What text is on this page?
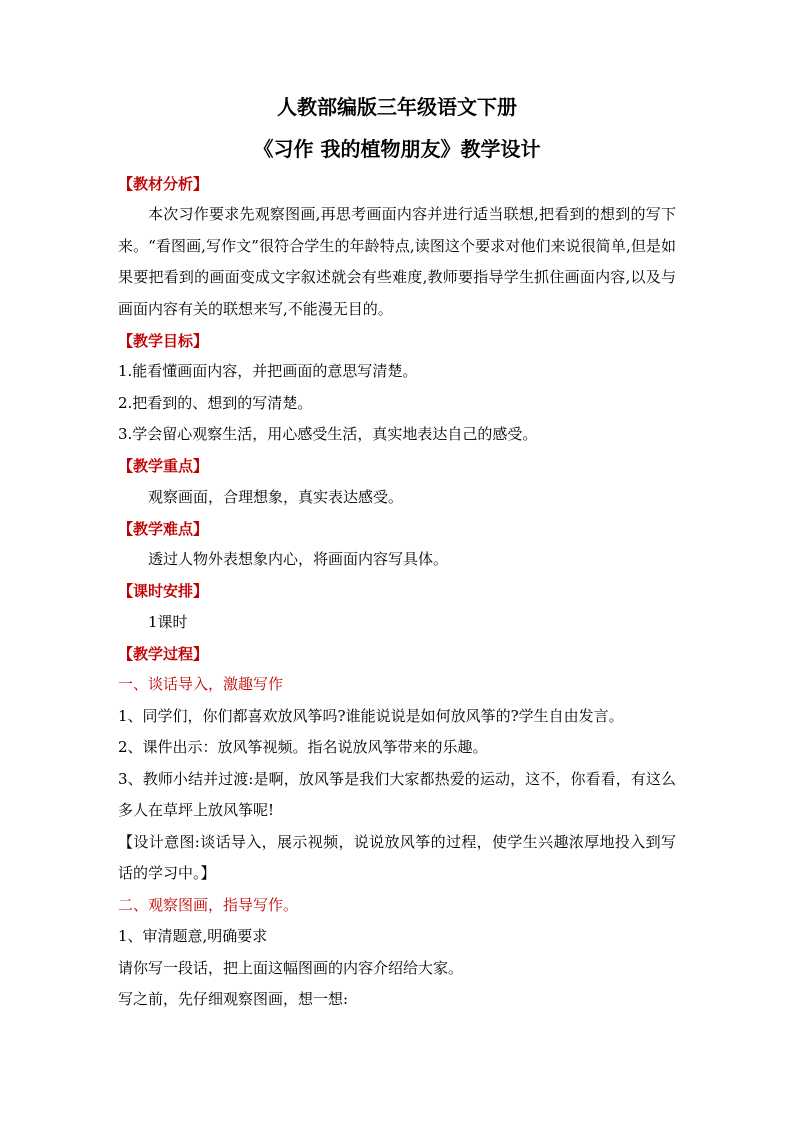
人教部编版三年级语文下册
《习作 我的植物朋友》教学设计
【教材分析】

本次习作要求先观察图画,再思考画面内容并进行适当联想,把看到的想到的写下来。“看图画,写作文”很符合学生的年龄特点,读图这个要求对他们来说很简单,但是如果要把看到的画面变成文字叙述就会有些难度,教师要指导学生抓住画面内容,以及与画面内容有关的联想来写,不能漫无目的。

【教学目标】
1.能看懂画面内容，并把画面的意思写清楚。
2.把看到的、想到的写清楚。
3.学会留心观察生活，用心感受生活，真实地表达自己的感受。
【教学重点】
观察画面，合理想象，真实表达感受。
【教学难点】
透过人物外表想象内心，将画面内容写具体。
【课时安排】
1课时
【教学过程】
一、谈话导入，激趣写作
1、同学们，你们都喜欢放风筝吗?谁能说说是如何放风筝的?学生自由发言。
2、课件出示：放风筝视频。指名说放风筝带来的乐趣。

3、教师小结并过渡:是啊，放风筝是我们大家都热爱的运动，这不，你看看，有这么多人在草坪上放风筝呢!

【设计意图:谈话导入，展示视频，说说放风筝的过程，使学生兴趣浓厚地投入到写话的学习中。】

二、观察图画，指导写作。
1、审清题意,明确要求
请你写一段话，把上面这幅图画的内容介绍给大家。
写之前，先仔细观察图画，想一想:
